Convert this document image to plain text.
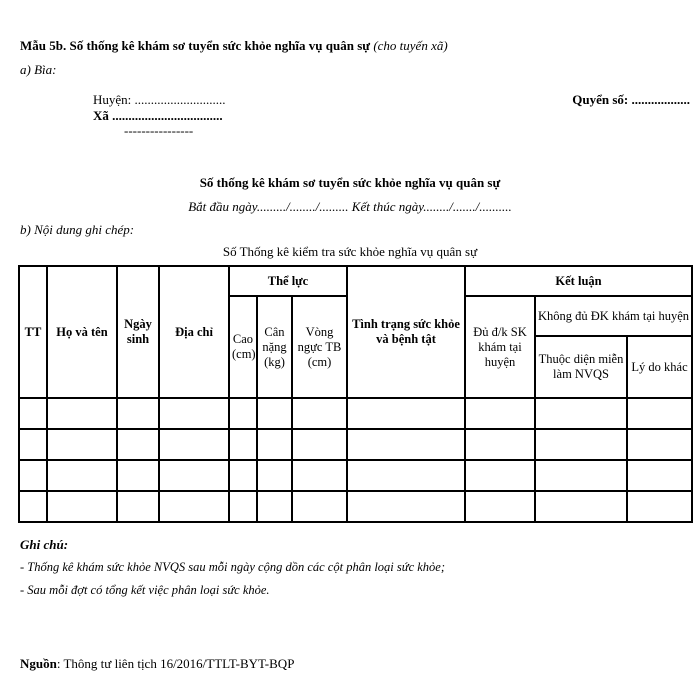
Mẫu 5b. Số thống kê khám sơ tuyển sức khỏe nghĩa vụ quân sự (cho tuyến xã)
a) Bìa:
Huyện: ............................	Quyển số: ..................
Xã ..................................
----------------
Số thống kê khám sơ tuyển sức khỏe nghĩa vụ quân sự
Bắt đầu ngày........./......../......... Kết thúc ngày......../......./..........
b) Nội dung ghi chép:
Số Thống kê kiểm tra sức khỏe nghĩa vụ quân sự
TT	Họ và tên	Ngày sinh	Địa chỉ	Thể lực			Tình trạng sức khỏe và bệnh tật	Kết luận		
				Cao (cm)	Cân nặng (kg)	Vòng ngực TB (cm)		Đủ đ/k SK khám tại huyện	Không đủ ĐK khám tại huyện	
									Thuộc diện miễn làm NVQS	Lý do khác

Ghi chú:
- Thống kê khám sức khỏe NVQS sau mỗi ngày cộng dồn các cột phân loại sức khỏe;
- Sau mỗi đợt có tổng kết việc phân loại sức khỏe.
Nguồn: Thông tư liên tịch 16/2016/TTLT-BYT-BQP
